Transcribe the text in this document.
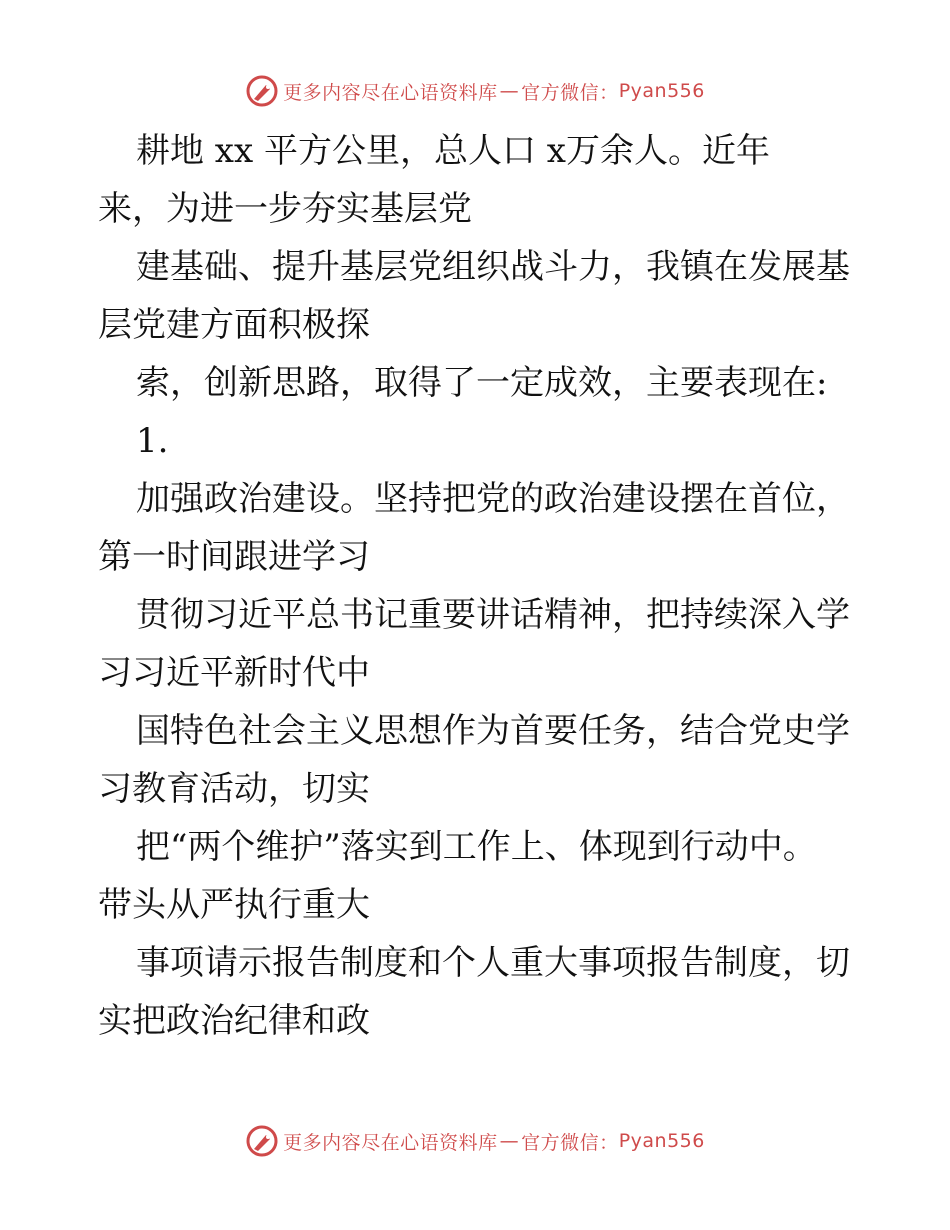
更多内容尽在心语资料库 — 官方微信： Pyan556
耕地 xx 平方公里，总人口 x万余人。近年
来，为进一步夯实基层党
建基础、提升基层党组织战斗力，我镇在发展基
层党建方面积极探
索，创新思路，取得了一定成效，主要表现在:
1.
加强政治建设。坚持把党的政治建设摆在首位，
第一时间跟进学习
贯彻习近平总书记重要讲话精神，把持续深入学
习习近平新时代中
国特色社会主义思想作为首要任务，结合党史学
习教育活动，切实
把“两个维护”落实到工作上、体现到行动中。
带头从严执行重大
事项请示报告制度和个人重大事项报告制度，切
实把政治纪律和政
更多内容尽在心语资料库 — 官方微信： Pyan556
